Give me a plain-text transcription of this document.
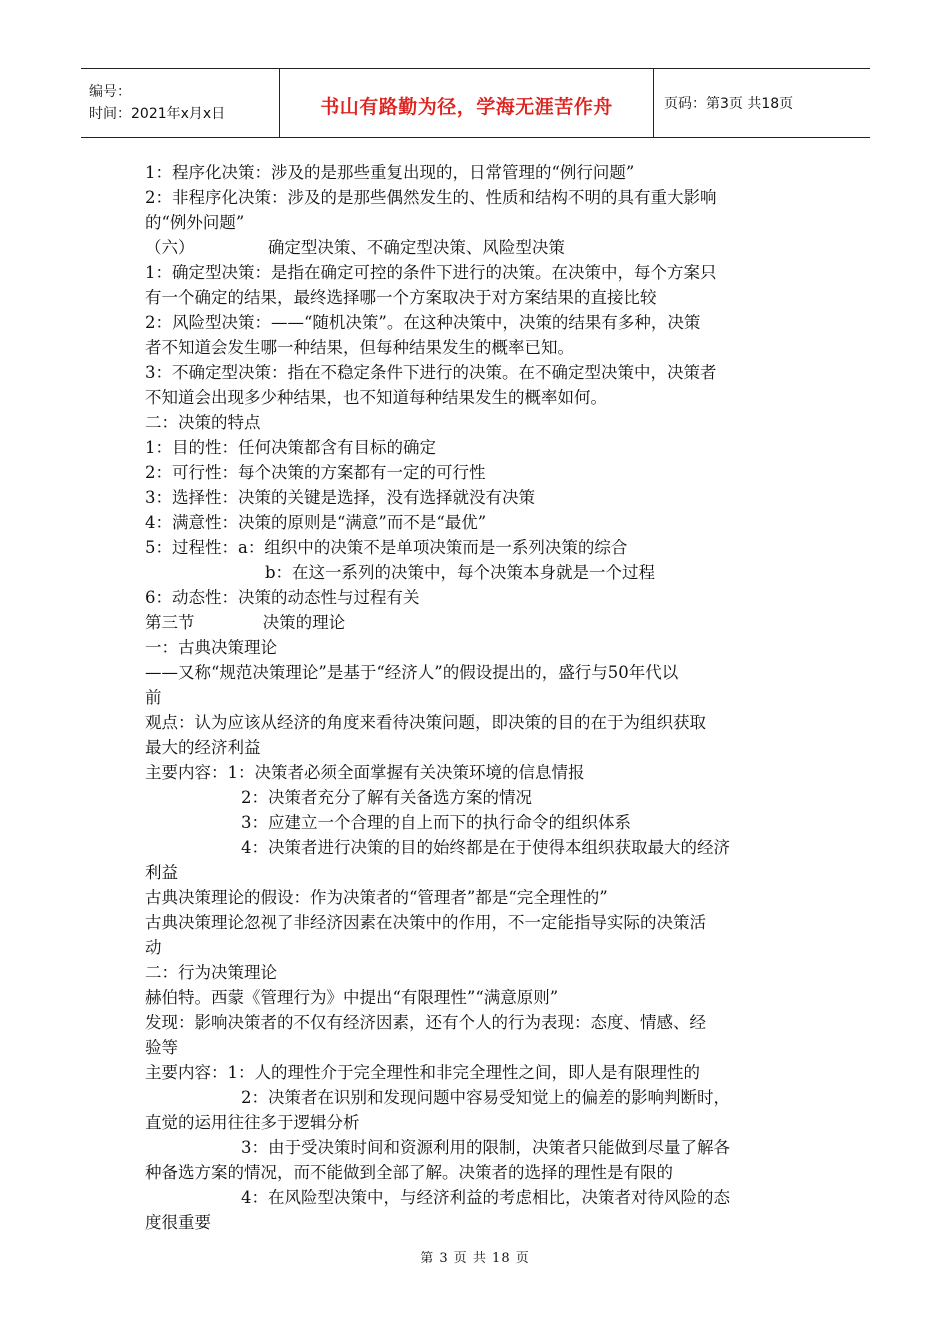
编号：
时间：2021年x月x日	书山有路勤为径，学海无涯苦作舟	页码：第3页 共18页

1：程序化决策：涉及的是那些重复出现的，日常管理的“例行问题”

2：非程序化决策：涉及的是那些偶然发生的、性质和结构不明的具有重大影响

的“例外问题”

（六）              确定型决策、不确定型决策、风险型决策

1：确定型决策：是指在确定可控的条件下进行的决策。在决策中，每个方案只

有一个确定的结果，最终选择哪一个方案取决于对方案结果的直接比较

2：风险型决策：——“随机决策”。在这种决策中，决策的结果有多种，决策

者不知道会发生哪一种结果，但每种结果发生的概率已知。

3：不确定型决策：指在不稳定条件下进行的决策。在不确定型决策中，决策者

不知道会出现多少种结果，也不知道每种结果发生的概率如何。

二：决策的特点

1：目的性：任何决策都含有目标的确定

2：可行性：每个决策的方案都有一定的可行性

3：选择性：决策的关键是选择，没有选择就没有决策

4：满意性：决策的原则是“满意”而不是“最优”

5：过程性：a：组织中的决策不是单项决策而是一系列决策的综合

b：在这一系列的决策中，每个决策本身就是一个过程

6：动态性：决策的动态性与过程有关

第三节             决策的理论

一：古典决策理论

——又称“规范决策理论”是基于“经济人”的假设提出的，盛行与50年代以

前

观点：认为应该从经济的角度来看待决策问题，即决策的目的在于为组织获取

最大的经济利益

主要内容：1：决策者必须全面掌握有关决策环境的信息情报

2：决策者充分了解有关备选方案的情况

3：应建立一个合理的自上而下的执行命令的组织体系

4：决策者进行决策的目的始终都是在于使得本组织获取最大的经济

利益

古典决策理论的假设：作为决策者的“管理者”都是“完全理性的”

古典决策理论忽视了非经济因素在决策中的作用，不一定能指导实际的决策活

动

二：行为决策理论

赫伯特。西蒙《管理行为》中提出“有限理性”“满意原则”

发现：影响决策者的不仅有经济因素，还有个人的行为表现：态度、情感、经

验等

主要内容：1：人的理性介于完全理性和非完全理性之间，即人是有限理性的

2：决策者在识别和发现问题中容易受知觉上的偏差的影响判断时，

直觉的运用往往多于逻辑分析

3：由于受决策时间和资源利用的限制，决策者只能做到尽量了解各

种备选方案的情况，而不能做到全部了解。决策者的选择的理性是有限的

4：在风险型决策中，与经济利益的考虑相比，决策者对待风险的态

度很重要

第 3 页 共 18 页
